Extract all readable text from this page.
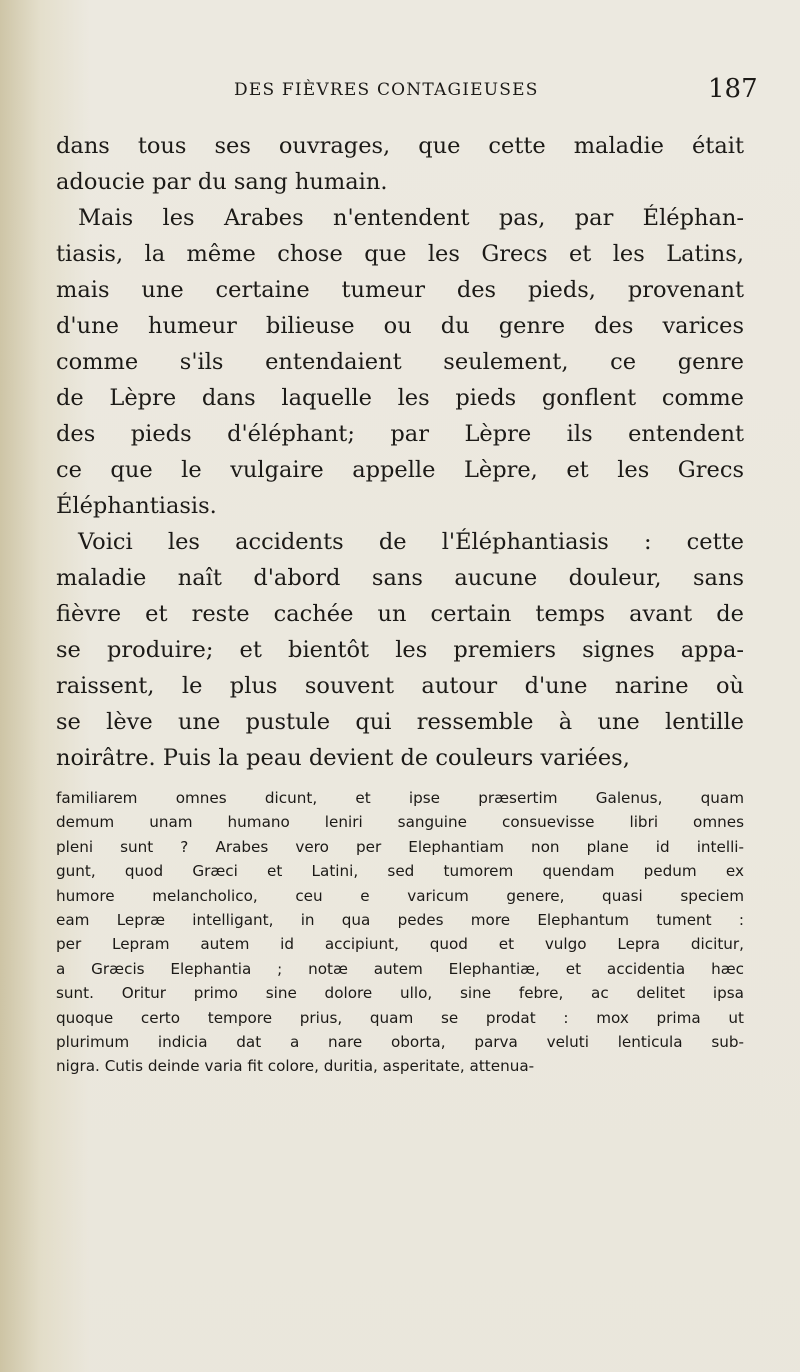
DES FIÈVRES CONTAGIEUSES	187
dans tous ses ouvrages, que cette maladie était
adoucie par du sang humain.
Mais les Arabes n'entendent pas, par Éléphan-
tiasis, la même chose que les Grecs et les Latins,
mais une certaine tumeur des pieds, provenant
d'une humeur bilieuse ou du genre des varices
comme s'ils entendaient seulement, ce genre
de Lèpre dans laquelle les pieds gonflent comme
des pieds d'éléphant; par Lèpre ils entendent
ce que le vulgaire appelle Lèpre, et les Grecs
Éléphantiasis.
Voici les accidents de l'Éléphantiasis : cette
maladie naît d'abord sans aucune douleur, sans
fièvre et reste cachée un certain temps avant de
se produire; et bientôt les premiers signes appa-
raissent, le plus souvent autour d'une narine où
se lève une pustule qui ressemble à une lentille
noirâtre. Puis la peau devient de couleurs variées,
familiarem omnes dicunt, et ipse præsertim Galenus, quam
demum unam humano leniri sanguine consuevisse libri omnes
pleni sunt ? Arabes vero per Elephantiam non plane id intelli-
gunt, quod Græci et Latini, sed tumorem quendam pedum ex
humore melancholico, ceu e varicum genere, quasi speciem
eam Lepræ intelligant, in qua pedes more Elephantum tument :
per Lepram autem id accipiunt, quod et vulgo Lepra dicitur,
a Græcis Elephantia ; notæ autem Elephantiæ, et accidentia hæc
sunt. Oritur primo sine dolore ullo, sine febre, ac delitet ipsa
quoque certo tempore prius, quam se prodat : mox prima ut
plurimum indicia dat a nare oborta, parva veluti lenticula sub-
nigra. Cutis deinde varia fit colore, duritia, asperitate, attenua-
